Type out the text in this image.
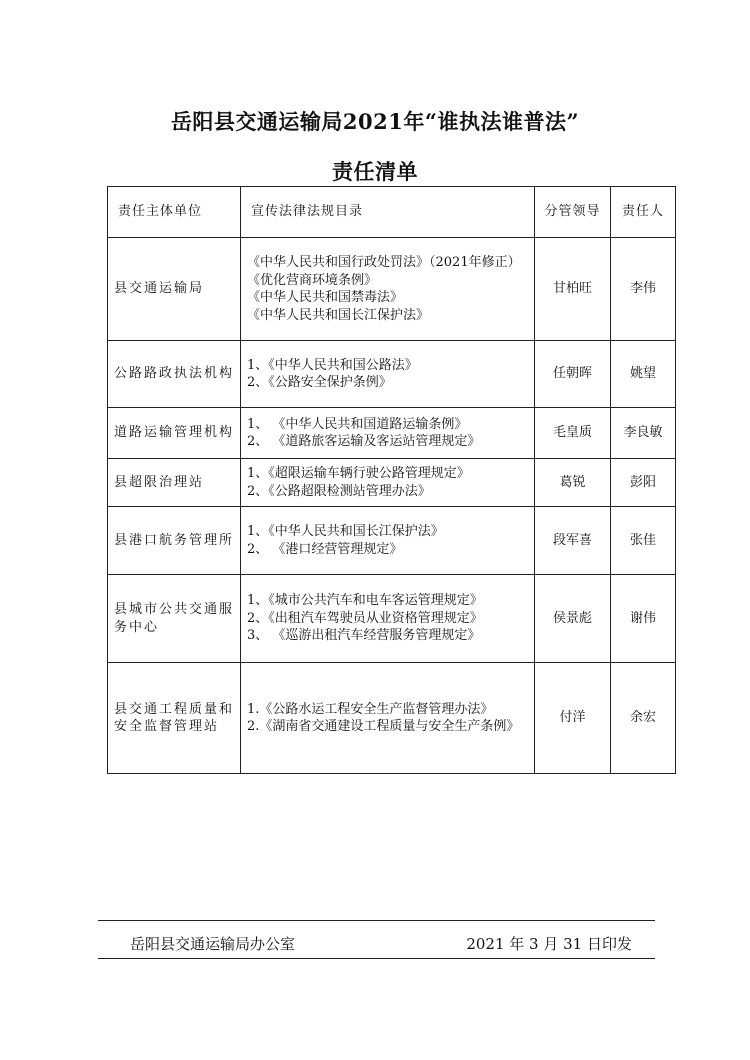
岳阳县交通运输局2021年“谁执法谁普法”
责任清单
责任主体单位	宣传法律法规目录	分管领导	责任人
县交通运输局	《中华人民共和国行政处罚法》（2021年修正）
《优化营商环境条例》
《中华人民共和国禁毒法》
《中华人民共和国长江保护法》	甘柏旺	李伟
公路路政执法机构	1、《中华人民共和国公路法》
2、《公路安全保护条例》	任朝晖	姚望
道路运输管理机构	1、 《中华人民共和国道路运输条例》
2、 《道路旅客运输及客运站管理规定》	毛皇质	李良敏
县超限治理站	1、《超限运输车辆行驶公路管理规定》
2、《公路超限检测站管理办法》	葛锐	彭阳
县港口航务管理所	1、《中华人民共和国长江保护法》
2、 《港口经营管理规定》	段军喜	张佳
县城市公共交通服务中心	1、《城市公共汽车和电车客运管理规定》
2、《出租汽车驾驶员从业资格管理规定》
3、 《巡游出租汽车经营服务管理规定》	侯景彪	谢伟
县交通工程质量和安全监督管理站	1.《公路水运工程安全生产监督管理办法》
2.《湖南省交通建设工程质量与安全生产条例》	付洋	余宏
岳阳县交通运输局办公室	2021 年 3 月 31 日印发
